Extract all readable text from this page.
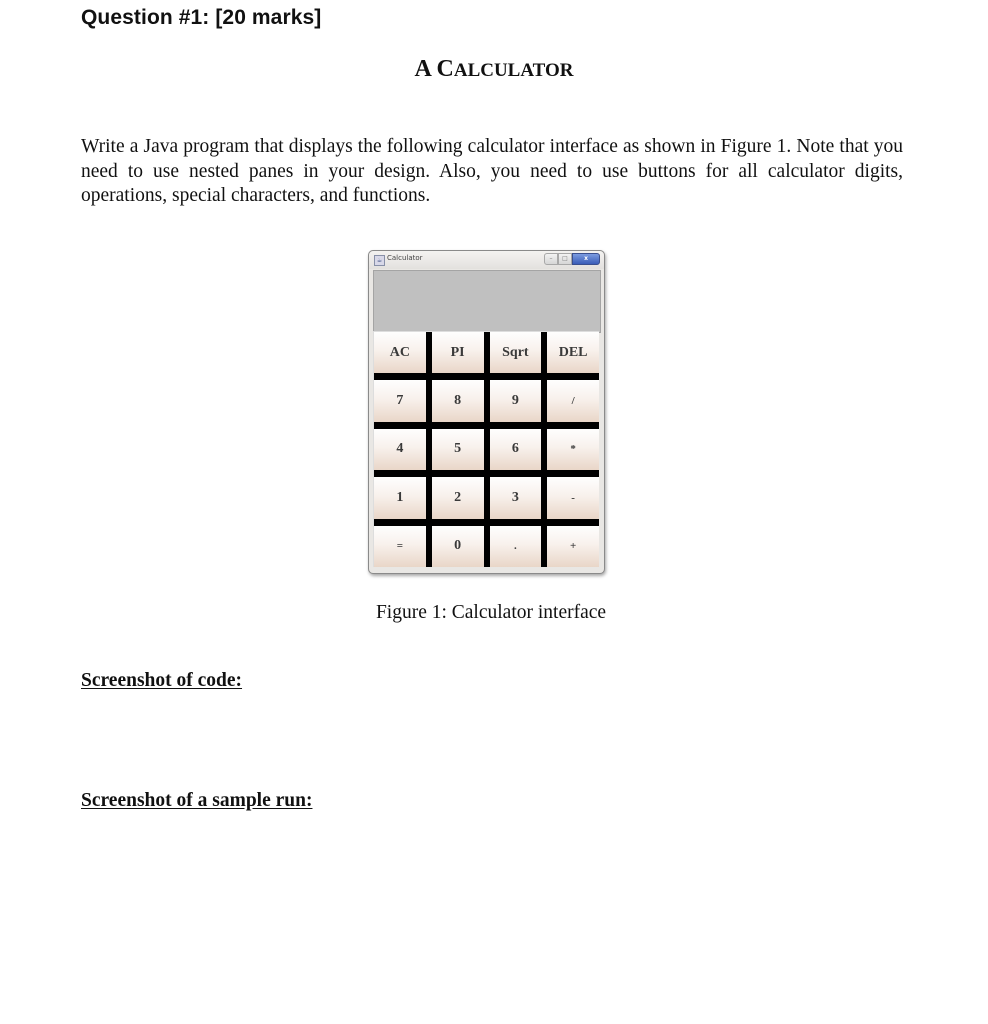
Question #1: [20 marks]
A CALCULATOR
Write a Java program that displays the following calculator interface as shown in Figure 1. Note that you need to use nested panes in your design. Also, you need to use buttons for all calculator digits, operations, special characters, and functions.
☕ Calculator	–	□	x
AC	PI	Sqrt	DEL
7	8	9	/
4	5	6	*
1	2	3	-
=	0	.	+
Figure 1: Calculator interface
Screenshot of code:
Screenshot of a sample run:
